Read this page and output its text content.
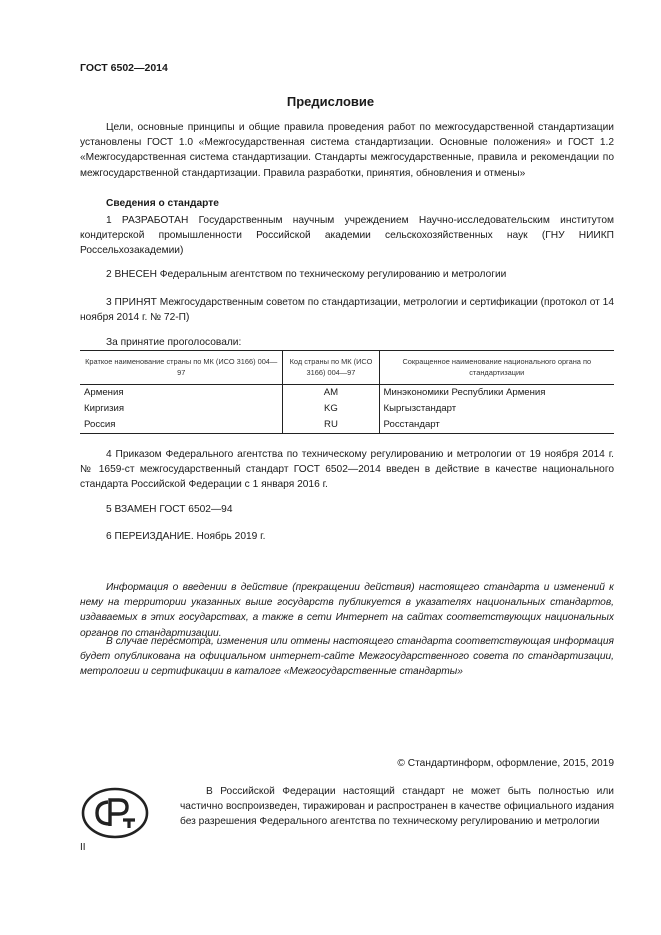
ГОСТ 6502—2014
Предисловие
Цели, основные принципы и общие правила проведения работ по межгосударственной стандартизации установлены ГОСТ 1.0 «Межгосударственная система стандартизации. Основные положения» и ГОСТ 1.2 «Межгосударственная система стандартизации. Стандарты межгосударственные, правила и рекомендации по межгосударственной стандартизации. Правила разработки, принятия, обновления и отмены»
Сведения о стандарте
1 РАЗРАБОТАН Государственным научным учреждением Научно-исследовательским институтом кондитерской промышленности Российской академии сельскохозяйственных наук (ГНУ НИИКП Россельхозакадемии)
2 ВНЕСЕН Федеральным агентством по техническому регулированию и метрологии
3 ПРИНЯТ Межгосударственным советом по стандартизации, метрологии и сертификации (протокол от 14 ноября 2014 г. № 72-П)
За принятие проголосовали:
Краткое наименование страны по МК (ИСО 3166) 004—97	Код страны по МК (ИСО 3166) 004—97	Сокращенное наименование национального органа по стандартизации
Армения	AM	Минэкономики Республики Армения
Киргизия	KG	Кыргызстандарт
Россия	RU	Росстандарт
4 Приказом Федерального агентства по техническому регулированию и метрологии от 19 ноября 2014 г. № 1659-ст межгосударственный стандарт ГОСТ 6502—2014 введен в действие в качестве национального стандарта Российской Федерации с 1 января 2016 г.
5 ВЗАМЕН ГОСТ 6502—94
6 ПЕРЕИЗДАНИЕ. Ноябрь 2019 г.
Информация о введении в действие (прекращении действия) настоящего стандарта и изменений к нему на территории указанных выше государств публикуется в указателях национальных стандартов, издаваемых в этих государствах, а также в сети Интернет на сайтах соответствующих национальных органов по стандартизации.
В случае пересмотра, изменения или отмены настоящего стандарта соответствующая информация будет опубликована на официальном интернет-сайте Межгосударственного совета по стандартизации, метрологии и сертификации в каталоге «Межгосударственные стандарты»
© Стандартинформ, оформление, 2015, 2019
В Российской Федерации настоящий стандарт не может быть полностью или частично воспроизведен, тиражирован и распространен в качестве официального издания без разрешения Федерального агентства по техническому регулированию и метрологии
II
